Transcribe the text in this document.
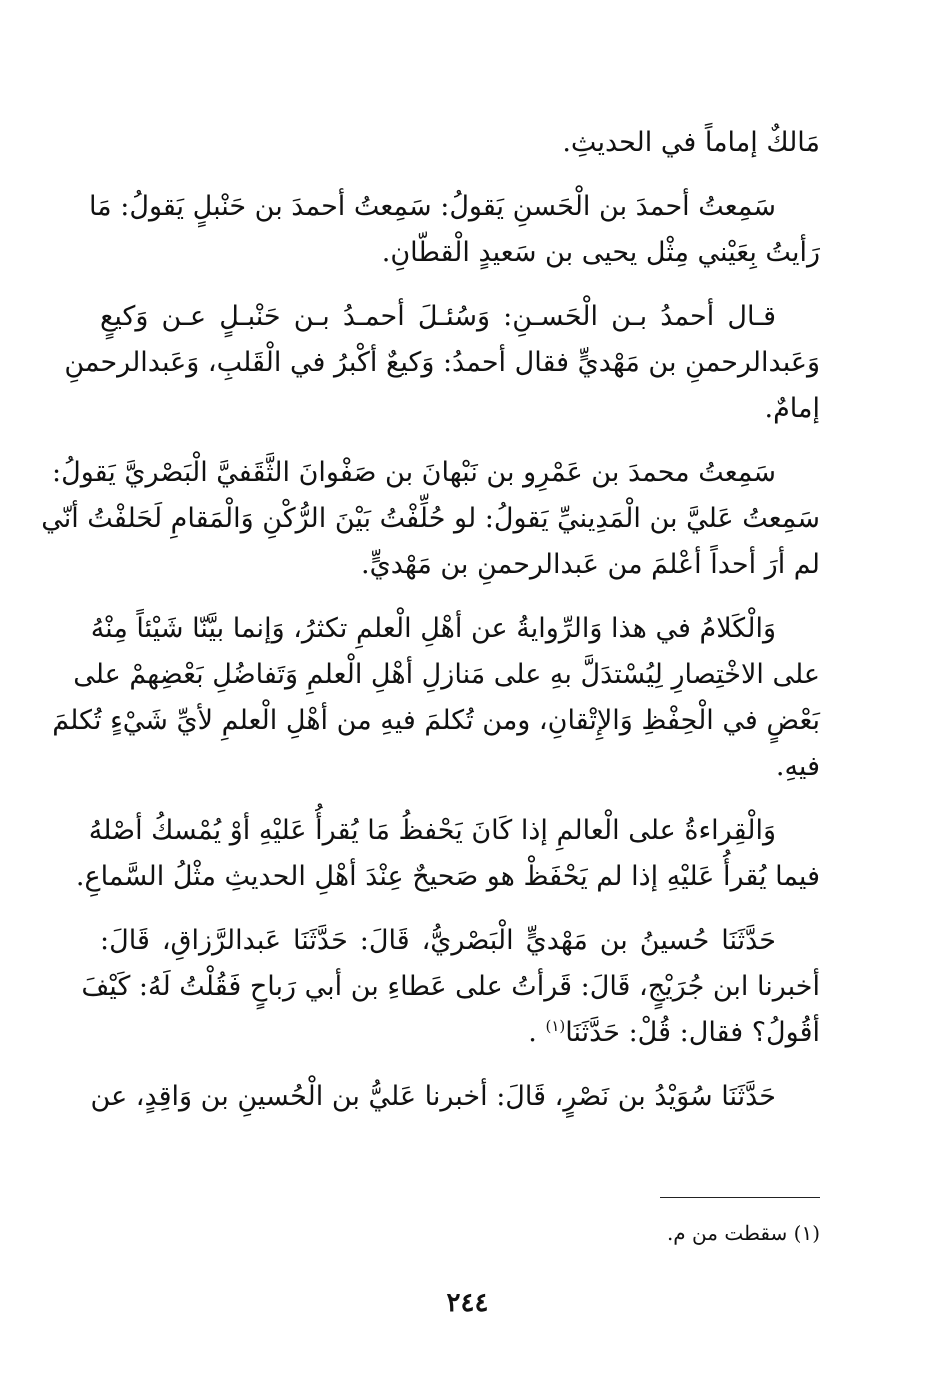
مَالكٌ إماماً في الحديثِ.

سَمِعتُ أحمدَ بن الْحَسنِ يَقولُ: سَمِعتُ أحمدَ بن حَنْبلٍ يَقولُ: مَا
رَأيتُ بِعَيْني مِثْل يحيى بن سَعيدٍ الْقطّانِ.

قـال أحمدُ بـن الْحَسـنِ: وَسُئـلَ أحمـدُ بـن حَنْبـلٍ عـن وَكيعٍ
وَعَبدالرحمنِ بن مَهْديٍّ فقال أحمدُ: وَكيعٌ أكْبرُ في الْقَلبِ، وَعَبدالرحمنِ
إمامٌ.

سَمِعتُ محمدَ بن عَمْرِو بن نَبْهانَ بن صَفْوانَ الثَّقَفيَّ الْبَصْريَّ يَقولُ:
سَمِعتُ عَليَّ بن الْمَدِينيِّ يَقولُ: لو حُلِّفْتُ بَيْنَ الرُّكْنِ وَالْمَقامِ لَحَلفْتُ أنّي
لم أرَ أحداً أعْلمَ من عَبدالرحمنِ بن مَهْديٍّ.

وَالْكَلامُ في هذا وَالرِّوايةُ عن أهْلِ الْعلمِ تكثرُ، وَإنما بيَّنّا شَيْئاً مِنْهُ
على الاخْتِصارِ لِيُسْتدَلَّ بهِ على مَنازلِ أهْلِ الْعلمِ وَتَفاضُلِ بَعْضِهمْ على
بَعْضٍ في الْحِفْظِ وَالإِتْقانِ، ومن تُكلمَ فيهِ من أهْلِ الْعلمِ لأيِّ شَيْءٍ تُكلمَ
فيهِ.

وَالْقِراءةُ على الْعالمِ إذا كَانَ يَحْفظُ مَا يُقرأُ عَليْهِ أوْ يُمْسكُ أصْلهُ
فيما يُقرأُ عَليْهِ إذا لم يَحْفَظْ هو صَحيحٌ عِنْدَ أهْلِ الحديثِ مثْلُ السَّماعِ.

حَدَّثَنَا حُسينُ بن مَهْديٍّ الْبَصْريُّ، قَالَ: حَدَّثَنَا عَبدالرَّزاقِ، قَالَ:
أخبرنا ابن جُرَيْجٍ، قَالَ: قَرأتُ على عَطاءِ بن أبي رَباحٍ فَقُلْتُ لَهُ: كَيْفَ
أقُولُ؟ فقال: قُلْ: حَدَّثَنَا$^{(١)}$ .

حَدَّثَنَا سُوَيْدُ بن نَصْرٍ، قَالَ: أخبرنا عَليُّ بن الْحُسينِ بن وَاقِدٍ، عن

(١) سقطت من م.
٢٤٤
